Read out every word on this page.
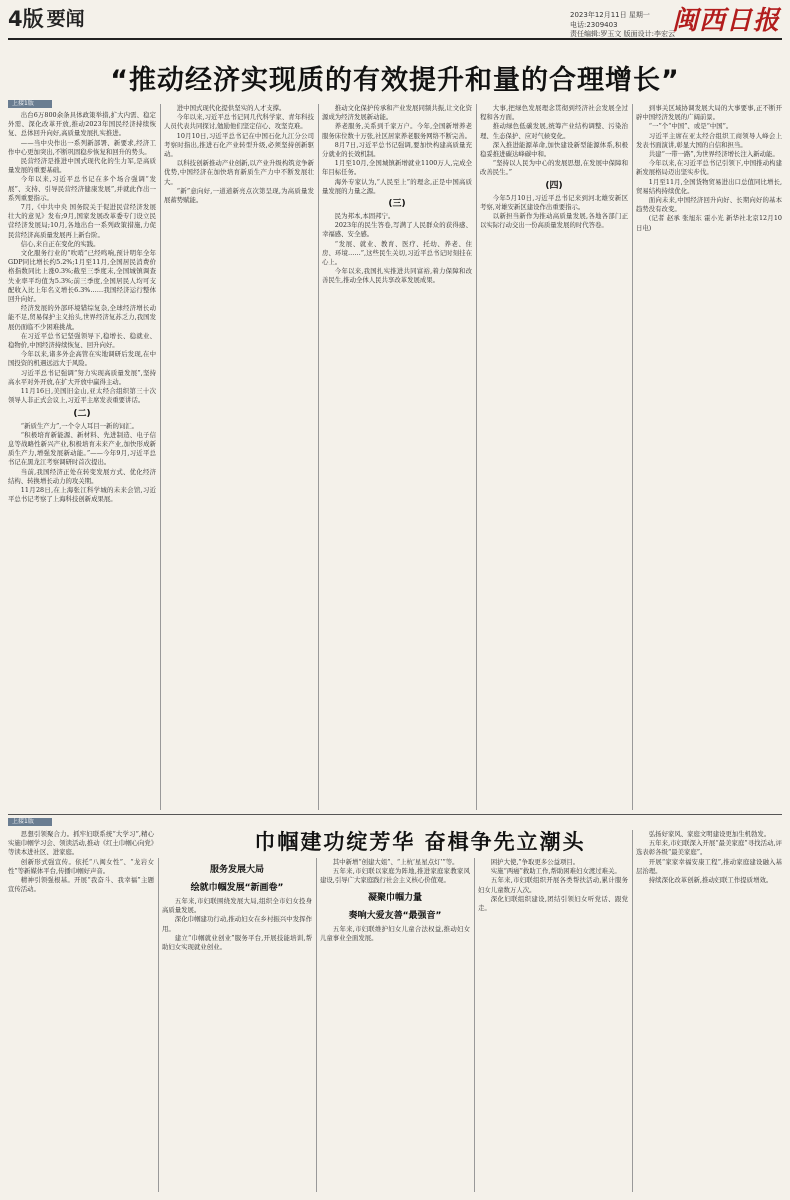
4版 要闻	2023年12月11日 星期一
电话:2309403
责任编辑:罗玉文 版面设计:李宏云
闽西日报
“推动经济实现质的有效提升和量的合理增长”
上接1版

出台6万800余条具体政策举措,扩大内需、稳定外需、深化改革开放,推动2023年国民经济持续恢复、总体回升向好,高质量发展扎实推进。

——当中央作出一系列新部署、新要求,经济工作中心更加突出,不断巩固稳步恢复和回升的势头。

民营经济是推进中国式现代化的生力军,是高质量发展的重要基础。

今年以来,习近平总书记在多个场合强调“发展”、支持、引导民营经济健康发展”,并就此作出一系列重要指示。

7月,《中共中央 国务院关于促进民营经济发展壮大的意见》发布;9月,国家发展改革委专门设立民营经济发展局;10月,各地出台一系列政策措施,力促民营经济高质量发展再上新台阶。

信心,来自正在变化的实践。

文化服务行业的“吹哨”已经鸣响,预计明年全年GDP同比增长约5.2%;1月至11月,全国居民消费价格指数同比上涨0.3%;截至三季度末,全国城镇调查失业率平均值为5.3%;前三季度,全国居民人均可支配收入比上年名义增长6.3%……我国经济运行整体回升向好。

经济发展的外部环境错综复杂,全球经济增长动能不足,贸易保护主义抬头,世界经济复苏乏力,我国发展仍面临不少困难挑战。

在习近平总书记坚强领导下,稳增长、稳就业、稳物价,中国经济持续恢复、回升向好。

今年以来,诸多外企高管在实地调研后发现,在中国投资的机遇远远大于风险。

习近平总书记强调“努力实现高质量发展”,坚持高水平对外开放,在扩大开放中赢得主动。

11月16日,美国旧金山,亚太经合组织第三十次领导人非正式会议上,习近平主席发表重要讲话。

(二)

“新质生产力”,一个令人耳目一新的词汇。

“积极培育新能源、新材料、先进制造、电子信息等战略性新兴产业,积极培育未来产业,加快形成新质生产力,增强发展新动能。”——今年9月,习近平总书记在黑龙江考察调研时首次提出。

当前,我国经济正处在转变发展方式、优化经济结构、转换增长动力的攻关期。

11月28日,在上海张江科学城的未来会馆,习近平总书记考察了上海科技创新成果展。

进中国式现代化提供坚实的人才支撑。

今年以来,习近平总书记同几代科学家、青年科技人员代表共同探讨,勉励他们坚定信心、攻坚克难。

10月10日,习近平总书记在中国石化九江分公司考察时指出,推进石化产业转型升级,必须坚持创新驱动。

以科技创新推动产业创新,以产业升级构筑竞争新优势,中国经济在加快培育新质生产力中不断发展壮大。

“新”意向好,一道道新亮点次第呈现,为高质量发展蓄势赋能。

推动文化保护传承和产业发展同频共振,让文化资源成为经济发展新动能。

养老服务,关系到千家万户。今年,全国新增养老服务床位数十万张,社区居家养老服务网络不断完善。

8月7日,习近平总书记强调,要加快构建高质量充分就业的长效机制。

1月至10月,全国城镇新增就业1100万人,完成全年目标任务。

海外专家认为,“人民至上”的理念,正是中国高质量发展的力量之源。

(三)

民为邦本,本固邦宁。

2023年的民生答卷,写满了人民群众的获得感、幸福感、安全感。

“发展、就业、教育、医疗、托幼、养老、住房、环境……”,这些民生关切,习近平总书记时刻挂在心上。

今年以来,我国扎实推进共同富裕,着力保障和改善民生,推动全体人民共享改革发展成果。

大事,把绿色发展理念贯彻到经济社会发展全过程和各方面。

推动绿色低碳发展,统筹产业结构调整、污染治理、生态保护、应对气候变化。

深入推进能源革命,加快建设新型能源体系,积极稳妥推进碳达峰碳中和。

“坚持以人民为中心的发展思想,在发展中保障和改善民生。”

(四)

今年5月10日,习近平总书记来到河北雄安新区考察,对雄安新区建设作出重要指示。

以新担当新作为推动高质量发展,各地各部门正以实际行动交出一份高质量发展的时代答卷。

到事关区域协调发展大局的大事要事,正不断开辟中国经济发展的广阔前景。

“一”个“中国”、或是“中国”。

习近平主席在亚太经合组织工商领导人峰会上发表书面演讲,彰显大国的自信和担当。

共建“一带一路”,为世界经济增长注入新动能。

今年以来,在习近平总书记引领下,中国推动构建新发展格局迈出坚实步伐。

1月至11月,全国货物贸易进出口总值同比增长,贸易结构持续优化。

面向未来,中国经济回升向好、长期向好的基本趋势没有改变。

(记者 赵承 张旭东 霍小光 新华社北京12月10日电)

上接1版
巾帼建功绽芳华 奋楫争先立潮头

思想引领聚合力。抓牢妇联系统“大学习”,精心实施巾帼学习会、领读活动,推动《红土巾帼心向党》等读本进社区、进家庭。

创新形式强宣传。依托“八闽女性”、“龙岩女性”等新媒体平台,传播巾帼好声音。

精神引领强根基。开展“我奋斗、我幸福”主题宣传活动。

服务发展大局
绘就巾帼发展“新画卷”

五年来,市妇联围绕发展大局,组织全市妇女投身高质量发展。

深化巾帼建功行动,推动妇女在乡村振兴中发挥作用。

建立“巾帼就业创业”服务平台,开展技能培训,帮助妇女实现就业创业。

其中新增“创建大姐”、“上杭‘星星点灯’”等。

五年来,市妇联以家庭为阵地,推进家庭家教家风建设,引导广大家庭践行社会主义核心价值观。

凝聚巾帼力量
奏响大爱友善“最强音”

五年来,市妇联维护妇女儿童合法权益,推动妇女儿童事业全面发展。

困护大使,”争取更多公益项目。

实施“两癌”救助工作,帮助困难妇女渡过难关。

五年来,市妇联组织开展各类帮扶活动,累计服务妇女儿童数万人次。

深化妇联组织建设,团结引领妇女听党话、跟党走。

弘扬好家风、家庭文明建设更加生机勃发。

五年来,市妇联深入开展“最美家庭”寻找活动,评选表彰各级“最美家庭”。

开展“家家幸福安康工程”,推动家庭建设融入基层治理。

持续深化改革创新,推动妇联工作提质增效。
